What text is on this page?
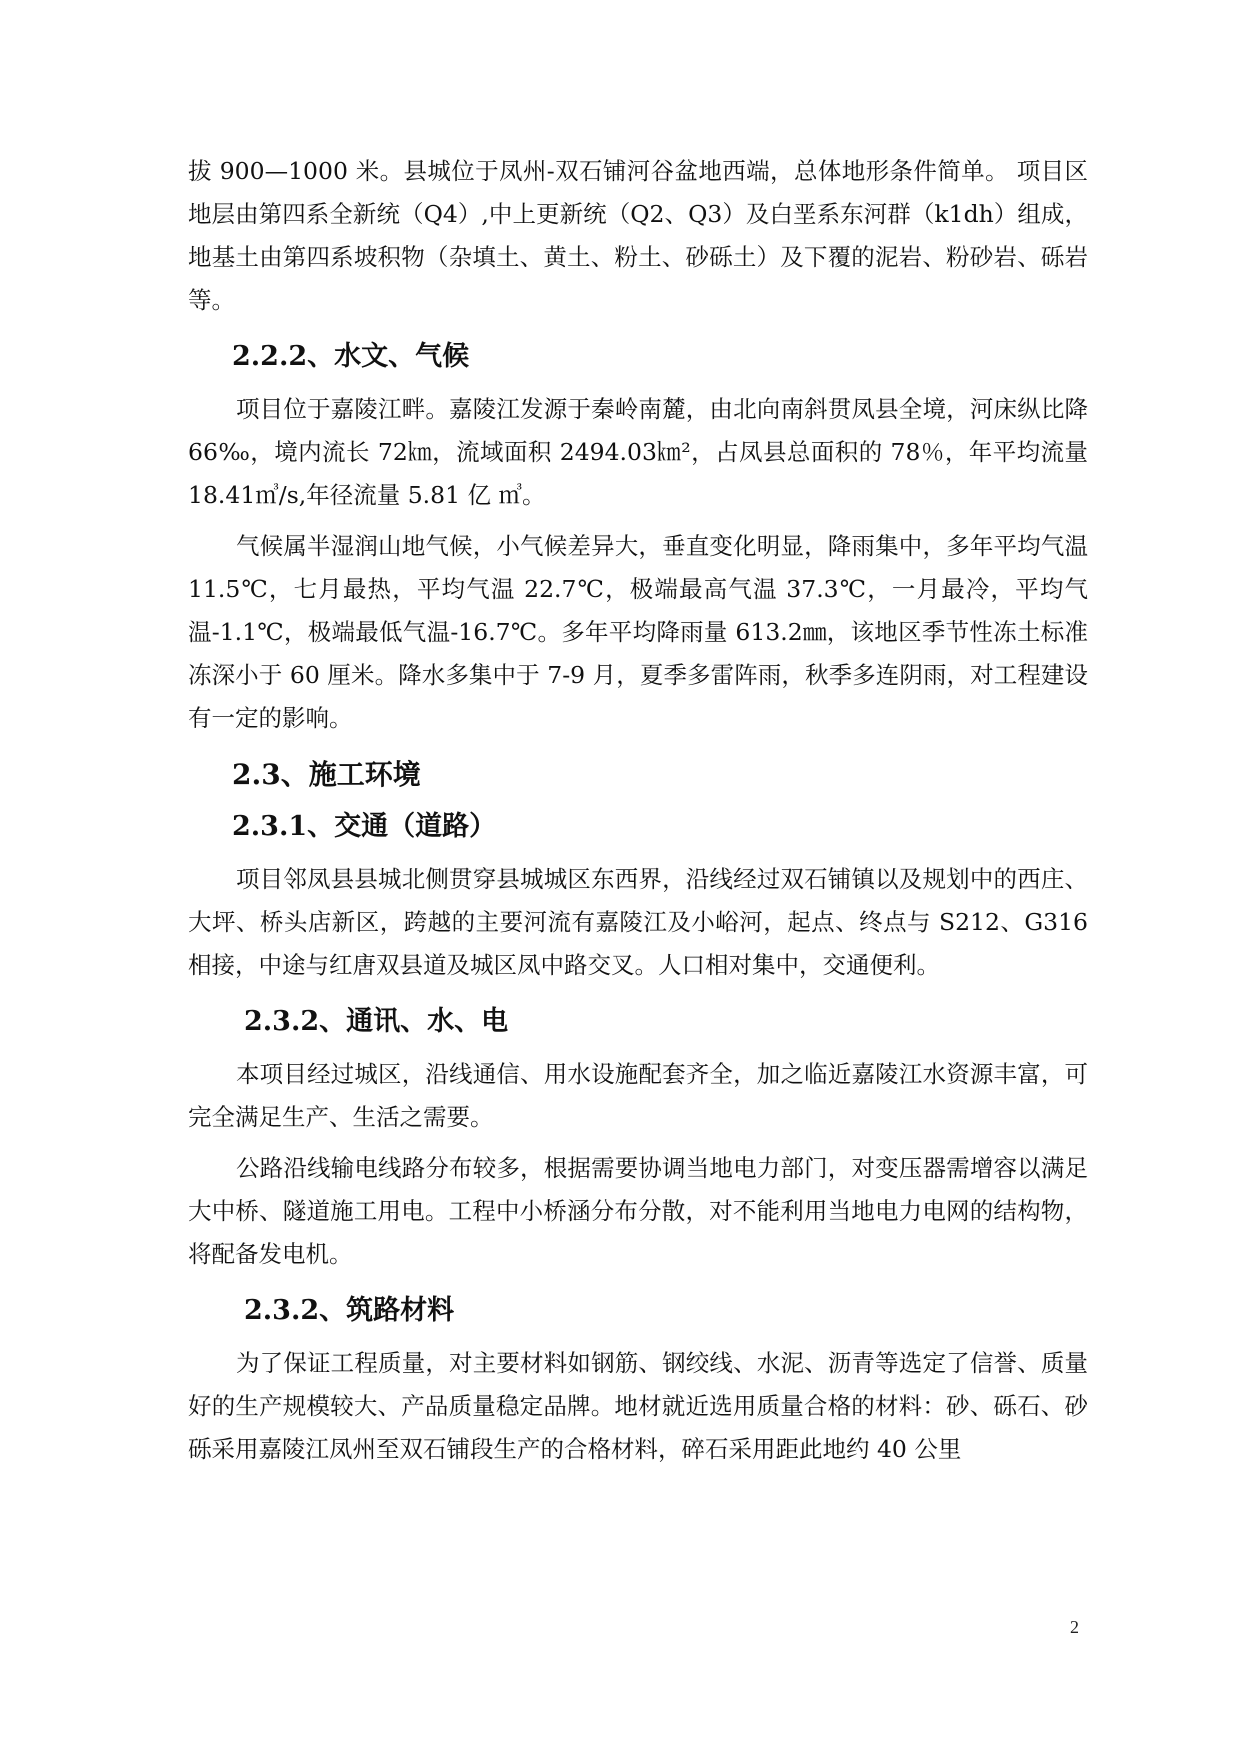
拔 900—1000 米。县城位于凤州-双石铺河谷盆地西端，总体地形条件简单。 项目区地层由第四系全新统（Q4）,中上更新统（Q2、Q3）及白垩系东河群（k1dh）组成，地基土由第四系坡积物（杂填土、黄土、粉土、砂砾土）及下覆的泥岩、粉砂岩、砾岩等。

2.2.2、水文、气候

项目位于嘉陵江畔。嘉陵江发源于秦岭南麓，由北向南斜贯凤县全境，河床纵比降 66‰，境内流长 72㎞，流域面积 2494.03㎞²，占凤县总面积的 78％，年平均流量 18.41㎥/s,年径流量 5.81 亿 ㎥。

气候属半湿润山地气候，小气候差异大，垂直变化明显，降雨集中，多年平均气温 11.5℃，七月最热，平均气温 22.7℃，极端最高气温 37.3℃，一月最冷，平均气温-1.1℃，极端最低气温-16.7℃。多年平均降雨量 613.2㎜，该地区季节性冻土标准冻深小于 60 厘米。降水多集中于 7-9 月，夏季多雷阵雨，秋季多连阴雨，对工程建设有一定的影响。

2.3、施工环境
2.3.1、交通（道路）

项目邻凤县县城北侧贯穿县城城区东西界，沿线经过双石铺镇以及规划中的西庄、大坪、桥头店新区，跨越的主要河流有嘉陵江及小峪河，起点、终点与 S212、G316 相接，中途与红唐双县道及城区凤中路交叉。人口相对集中，交通便利。

2.3.2、通讯、水、电

本项目经过城区，沿线通信、用水设施配套齐全，加之临近嘉陵江水资源丰富，可完全满足生产、生活之需要。

公路沿线输电线路分布较多，根据需要协调当地电力部门，对变压器需增容以满足大中桥、隧道施工用电。工程中小桥涵分布分散，对不能利用当地电力电网的结构物，将配备发电机。

2.3.2、筑路材料

为了保证工程质量，对主要材料如钢筋、钢绞线、水泥、沥青等选定了信誉、质量好的生产规模较大、产品质量稳定品牌。地材就近选用质量合格的材料：砂、砾石、砂砾采用嘉陵江凤州至双石铺段生产的合格材料，碎石采用距此地约 40 公里

2
